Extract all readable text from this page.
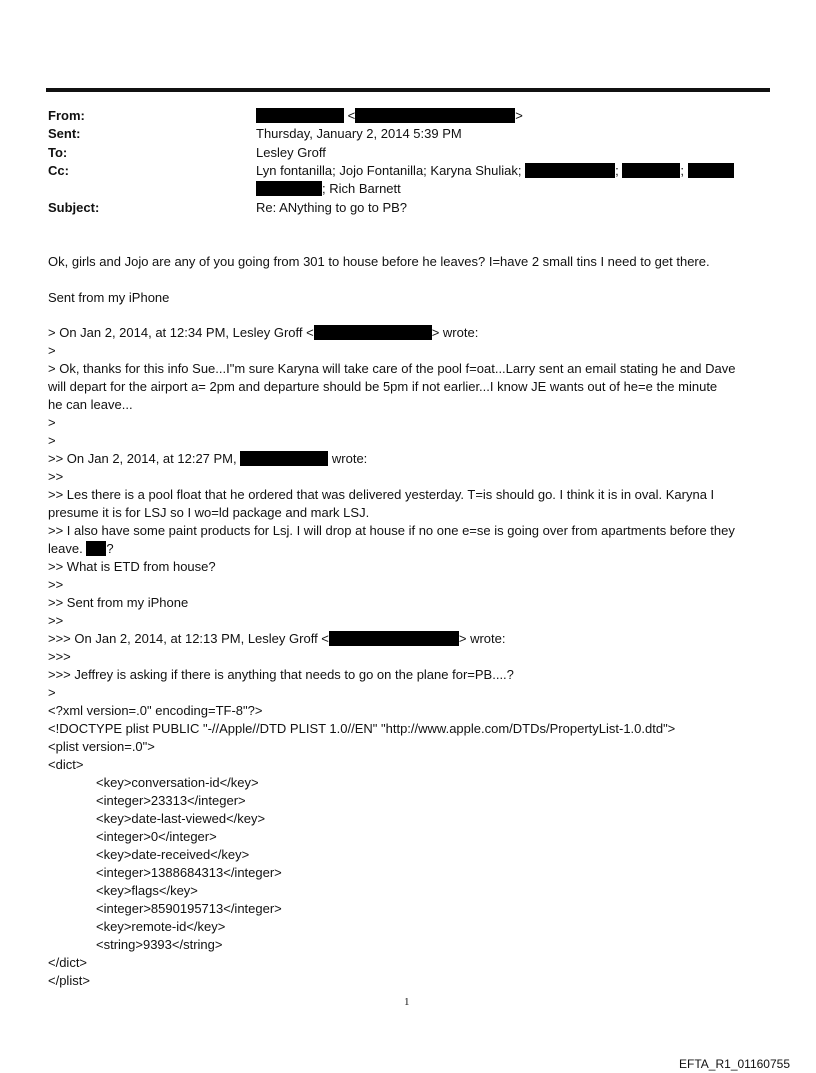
From:	<	>
Sent:	Thursday, January 2, 2014 5:39 PM
To:	Lesley Groff
Cc:	Lyn fontanilla; Jojo Fontanilla; Karyna Shuliak;	;	;
; Rich Barnett
Subject:	Re: ANything to go to PB?
Ok, girls and Jojo are any of you going from 301 to house before he leaves? I=have 2 small tins I need to get there.
Sent from my iPhone
> On Jan 2, 2014, at 12:34 PM, Lesley Groff <	> wrote:
>
> Ok, thanks for this info Sue...I"m sure Karyna will take care of the pool f=oat...Larry sent an email stating he and Dave
will depart for the airport a= 2pm and departure should be 5pm if not earlier...I know JE wants out of he=e the minute
he can leave...
>
>
>> On Jan 2, 2014, at 12:27 PM,	wrote:
>>
>> Les there is a pool float that he ordered that was delivered yesterday. T=is should go. I think it is in oval. Karyna I
presume it is for LSJ so I wo=ld package and mark LSJ.
>> I also have some paint products for Lsj. I will drop at house if no one e=se is going over from apartments before they
leave. ?
>> What is ETD from house?
>>
>> Sent from my iPhone
>>
>>> On Jan 2, 2014, at 12:13 PM, Lesley Groff <	> wrote:
>>>
>>> Jeffrey is asking if there is anything that needs to go on the plane for=PB....?
>
<?xml version=.0" encoding=TF-8"?>
<!DOCTYPE plist PUBLIC "-//Apple//DTD PLIST 1.0//EN" "http://www.apple.com/DTDs/PropertyList-1.0.dtd">
<plist version=.0">
<dict>
<key>conversation-id</key>
<integer>23313</integer>
<key>date-last-viewed</key>
<integer>0</integer>
<key>date-received</key>
<integer>1388684313</integer>
<key>flags</key>
<integer>8590195713</integer>
<key>remote-id</key>
<string>9393</string>
</dict>
</plist>
1
EFTA_R1_01160755
